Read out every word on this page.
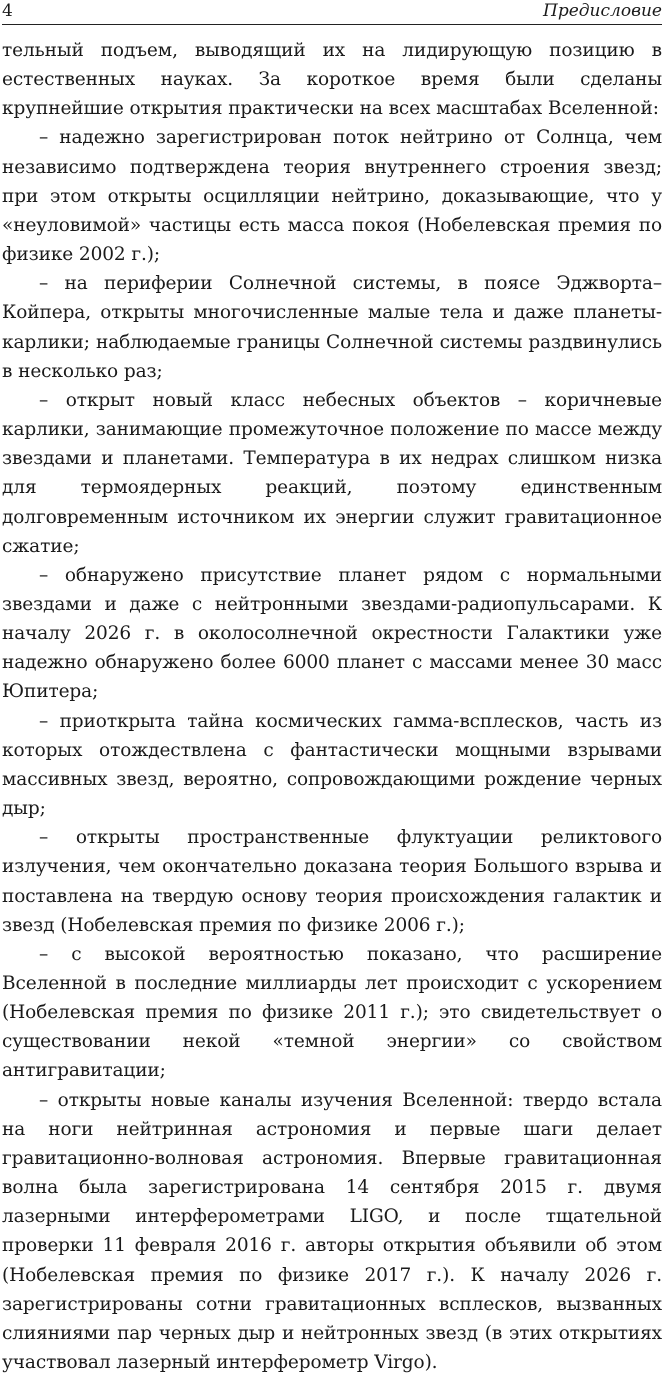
4	Предисловие

тельный подъем, выводящий их на лидирующую позицию в естественных науках. За короткое время были сделаны крупнейшие открытия практически на всех масштабах Вселенной:

– надежно зарегистрирован поток нейтрино от Солнца, чем независимо подтверждена теория внутреннего строения звезд; при этом открыты осцилляции нейтрино, доказывающие, что у «неуловимой» частицы есть масса покоя (Нобелевская премия по физике 2002 г.);

– на периферии Солнечной системы, в поясе Эджворта–Койпера, открыты многочисленные малые тела и даже планеты-карлики; наблюдаемые границы Солнечной системы раздвинулись в несколько раз;

– открыт новый класс небесных объектов – коричневые карлики, занимающие промежуточное положение по массе между звездами и планетами. Температура в их недрах слишком низка для термоядерных реакций, поэтому единственным долговременным источником их энергии служит гравитационное сжатие;

– обнаружено присутствие планет рядом с нормальными звездами и даже с нейтронными звездами-радиопульсарами. К началу 2026 г. в околосолнечной окрестности Галактики уже надежно обнаружено более 6000 планет с массами менее 30 масс Юпитера;

– приоткрыта тайна космических гамма-всплесков, часть из которых отождествлена с фантастически мощными взрывами массивных звезд, вероятно, сопровождающими рождение черных дыр;

– открыты пространственные флуктуации реликтового излучения, чем окончательно доказана теория Большого взрыва и поставлена на твердую основу теория происхождения галактик и звезд (Нобелевская премия по физике 2006 г.);

– с высокой вероятностью показано, что расширение Вселенной в последние миллиарды лет происходит с ускорением (Нобелевская премия по физике 2011 г.); это свидетельствует о существовании некой «темной энергии» со свойством антигравитации;

– открыты новые каналы изучения Вселенной: твердо встала на ноги нейтринная астрономия и первые шаги делает гравитационно-волновая астрономия. Впервые гравитационная волна была зарегистрирована 14 сентября 2015 г. двумя лазерными интерферометрами LIGO, и после тщательной проверки 11 февраля 2016 г. авторы открытия объявили об этом (Нобелевская премия по физике 2017 г.). К началу 2026 г. зарегистрированы сотни гравитационных всплесков, вызванных слияниями пар черных дыр и нейтронных звезд (в этих открытиях участвовал лазерный интерферометр Virgo).
